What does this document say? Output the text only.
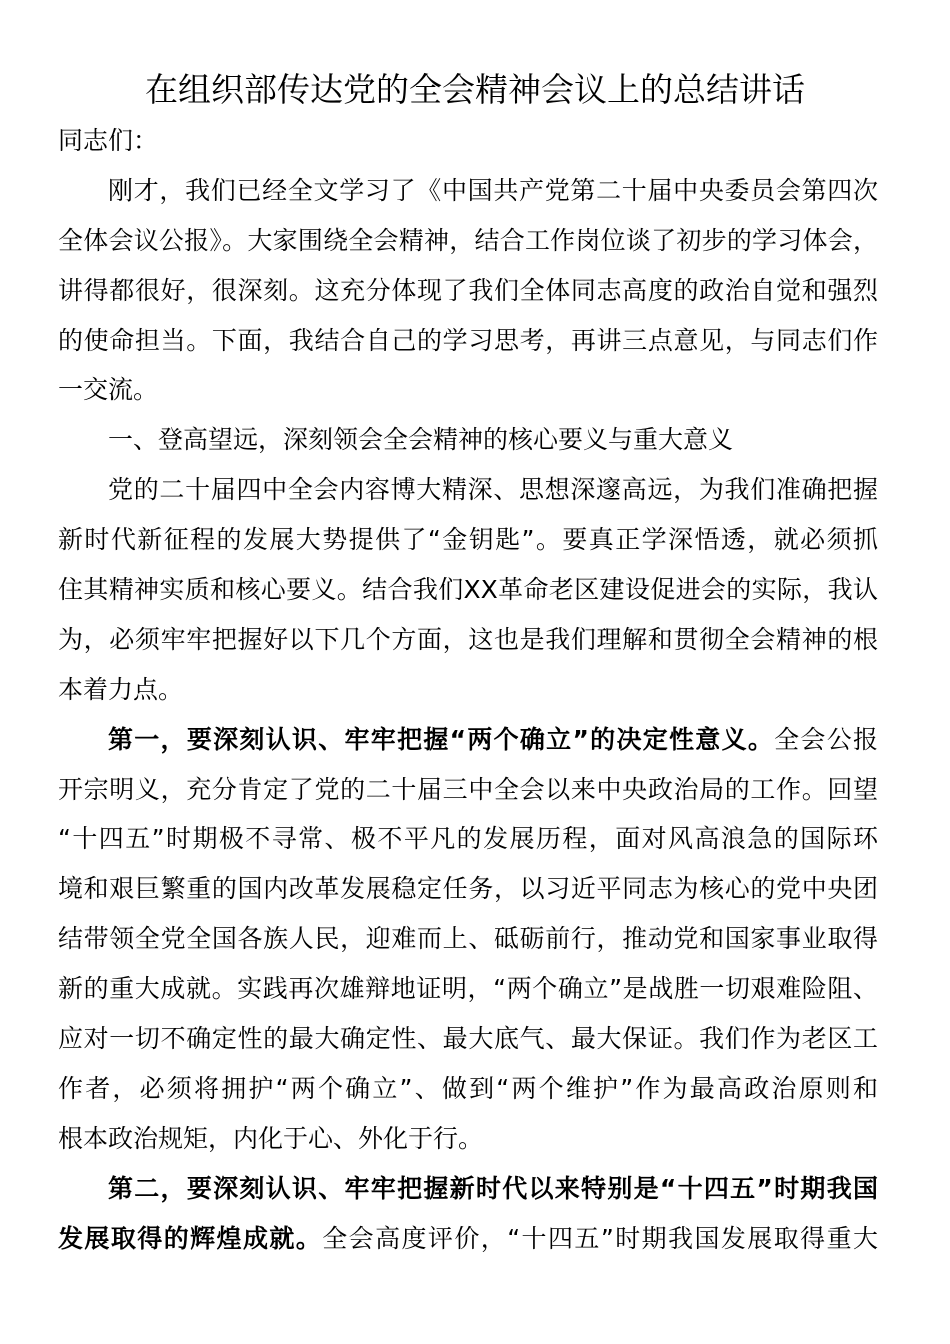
在组织部传达党的全会精神会议上的总结讲话
同志们：
刚才，我们已经全文学习了《中国共产党第二十届中央委员会第四次
全体会议公报》。大家围绕全会精神，结合工作岗位谈了初步的学习体会，
讲得都很好，很深刻。这充分体现了我们全体同志高度的政治自觉和强烈
的使命担当。下面，我结合自己的学习思考，再讲三点意见，与同志们作
一交流。
一、登高望远，深刻领会全会精神的核心要义与重大意义
党的二十届四中全会内容博大精深、思想深邃高远，为我们准确把握
新时代新征程的发展大势提供了“金钥匙”。要真正学深悟透，就必须抓
住其精神实质和核心要义。结合我们XX革命老区建设促进会的实际，我认
为，必须牢牢把握好以下几个方面，这也是我们理解和贯彻全会精神的根
本着力点。
第一，要深刻认识、牢牢把握“两个确立”的决定性意义。全会公报
开宗明义，充分肯定了党的二十届三中全会以来中央政治局的工作。回望
“十四五”时期极不寻常、极不平凡的发展历程，面对风高浪急的国际环
境和艰巨繁重的国内改革发展稳定任务，以习近平同志为核心的党中央团
结带领全党全国各族人民，迎难而上、砥砺前行，推动党和国家事业取得
新的重大成就。实践再次雄辩地证明，“两个确立”是战胜一切艰难险阻、
应对一切不确定性的最大确定性、最大底气、最大保证。我们作为老区工
作者，必须将拥护“两个确立”、做到“两个维护”作为最高政治原则和
根本政治规矩，内化于心、外化于行。
第二，要深刻认识、牢牢把握新时代以来特别是“十四五”时期我国
发展取得的辉煌成就。全会高度评价，“十四五”时期我国发展取得重大
